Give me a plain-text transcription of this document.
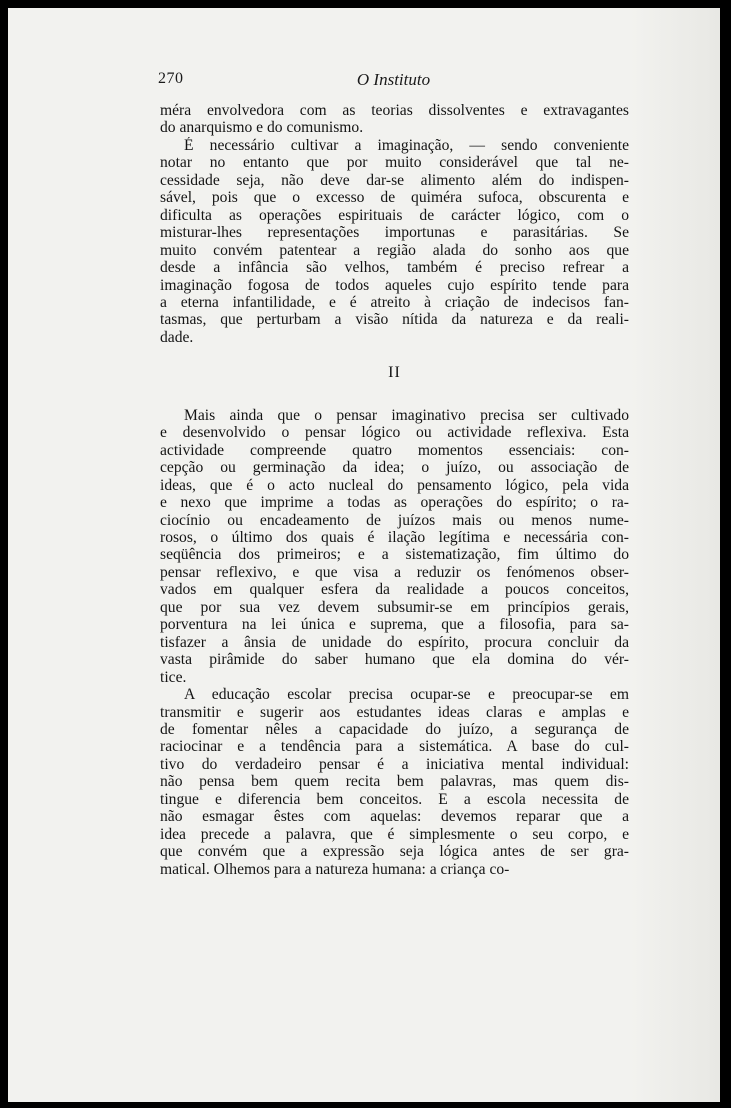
270	O Instituto
méra envolvedora com as teorias dissolventes e extravagantes
do anarquismo e do comunismo.
É necessário cultivar a imaginação, — sendo conveniente
notar no entanto que por muito considerável que tal ne-
cessidade seja, não deve dar-se alimento além do indispen-
sável, pois que o excesso de quiméra sufoca, obscurenta e
dificulta as operações espirituais de carácter lógico, com o
misturar-lhes representações importunas e parasitárias. Se
muito convém patentear a região alada do sonho aos que
desde a infância são velhos, também é preciso refrear a
imaginação fogosa de todos aqueles cujo espírito tende para
a eterna infantilidade, e é atreito à criação de indecisos fan-
tasmas, que perturbam a visão nítida da natureza e da reali-
dade.
II
Mais ainda que o pensar imaginativo precisa ser cultivado
e desenvolvido o pensar lógico ou actividade reflexiva. Esta
actividade compreende quatro momentos essenciais: con-
cepção ou germinação da idea; o juízo, ou associação de
ideas, que é o acto nucleal do pensamento lógico, pela vida
e nexo que imprime a todas as operações do espírito; o ra-
ciocínio ou encadeamento de juízos mais ou menos nume-
rosos, o último dos quais é ilação legítima e necessária con-
seqüência dos primeiros; e a sistematização, fim último do
pensar reflexivo, e que visa a reduzir os fenómenos obser-
vados em qualquer esfera da realidade a poucos conceitos,
que por sua vez devem subsumir-se em princípios gerais,
porventura na lei única e suprema, que a filosofia, para sa-
tisfazer a ânsia de unidade do espírito, procura concluir da
vasta pirâmide do saber humano que ela domina do vér-
tice.
A educação escolar precisa ocupar-se e preocupar-se em
transmitir e sugerir aos estudantes ideas claras e amplas e
de fomentar nêles a capacidade do juízo, a segurança de
raciocinar e a tendência para a sistemática. A base do cul-
tivo do verdadeiro pensar é a iniciativa mental individual:
não pensa bem quem recita bem palavras, mas quem dis-
tingue e diferencia bem conceitos. E a escola necessita de
não esmagar êstes com aquelas: devemos reparar que a
idea precede a palavra, que é simplesmente o seu corpo, e
que convém que a expressão seja lógica antes de ser gra-
matical. Olhemos para a natureza humana: a criança co-
